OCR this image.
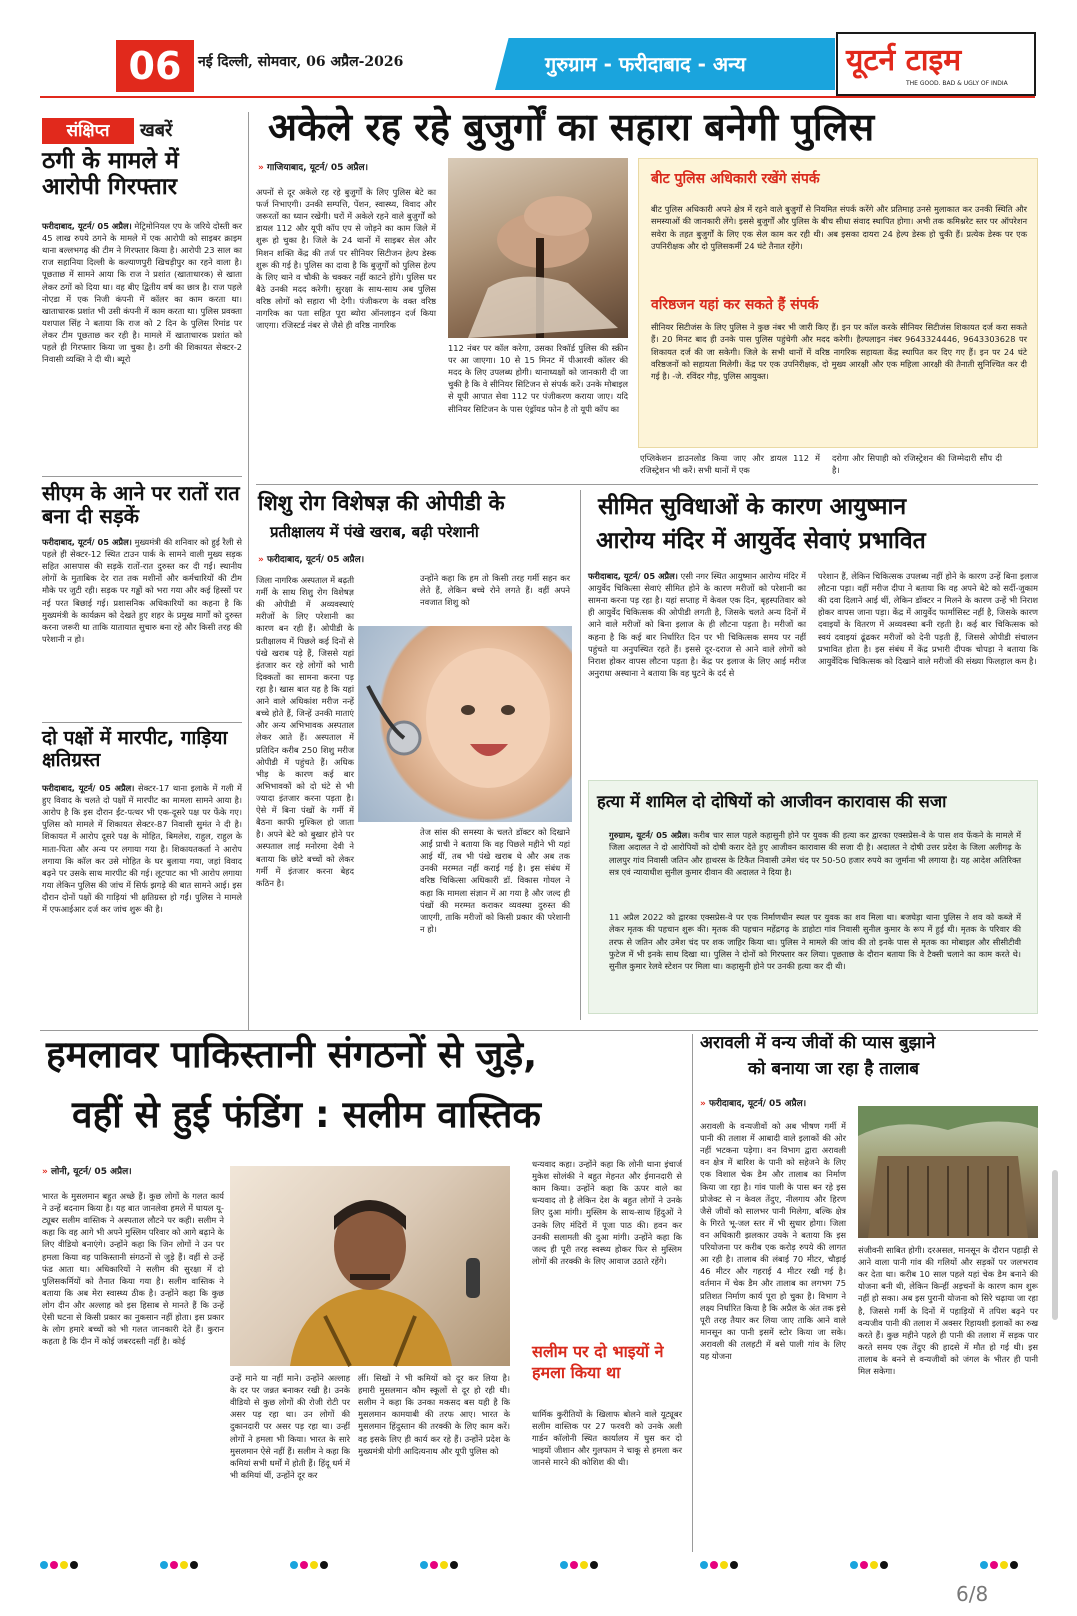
06	नई दिल्ली, सोमवार, 06 अप्रैल-2026	गुरुग्राम - फरीदाबाद - अन्य	यूटर्न टाइम
THE GOOD. BAD & UGLY OF INDIA
संक्षिप्त	खबरें
ठगी के मामले में आरोपी गिरफ्तार
फरीदाबाद, यूटर्न/ 05 अप्रैल। मेट्रिमोनियल एप के जरिये दोस्ती कर 45 लाख रुपये ठगने के मामले में एक आरोपी को साइबर क्राइम थाना बल्लभगढ़ की टीम ने गिरफ्तार किया है। आरोपी 23 साल का राज सहानिया दिल्ली के कल्याणपुरी खिचड़ीपुर का रहने वाला है। पूछताछ में सामने आया कि राज ने प्रशांत (खाताधारक) से खाता लेकर ठगों को दिया था। वह बीए द्वितीय वर्ष का छात्र है। राज पहले नोएडा में एक निजी कंपनी में कॉलर का काम करता था। खाताधारक प्रशांत भी उसी कंपनी में काम करता था। पुलिस प्रवक्ता यशपाल सिंह ने बताया कि राज को 2 दिन के पुलिस रिमांड पर लेकर टीम पूछताछ कर रही है। मामले में खाताधारक प्रशांत को पहले ही गिरफ्तार किया जा चुका है। ठगी की शिकायत सेक्टर-2 निवासी व्यक्ति ने दी थी। ब्यूरो
सीएम के आने पर रातों रात बना दी सड़कें
फरीदाबाद, यूटर्न/ 05 अप्रैल। मुख्यमंत्री की शनिवार को हुई रैली से पहले ही सेक्टर-12 स्थित टाउन पार्क के सामने वाली मुख्य सड़क सहित आसपास की सड़कें रातों-रात दुरुस्त कर दी गईं। स्थानीय लोगों के मुताबिक देर रात तक मशीनों और कर्मचारियों की टीम मौके पर जुटी रही। सड़क पर गड्ढों को भरा गया और कई हिस्सों पर नई परत बिछाई गई। प्रशासनिक अधिकारियों का कहना है कि मुख्यमंत्री के कार्यक्रम को देखते हुए शहर के प्रमुख मार्गों को दुरुस्त करना जरूरी था ताकि यातायात सुचारु बना रहे और किसी तरह की परेशानी न हो।
दो पक्षों में मारपीट, गाड़िया क्षतिग्रस्त
फरीदाबाद, यूटर्न/ 05 अप्रैल। सेक्टर-17 थाना इलाके में गली में हुए विवाद के चलते दो पक्षों में मारपीट का मामला सामने आया है। आरोप है कि इस दौरान ईंट-पत्थर भी एक-दूसरे पक्ष पर फेंके गए। पुलिस को मामले में शिकायत सेक्टर-87 निवासी सुमंत ने दी है। शिकायत में आरोप दूसरे पक्ष के मोहित, बिमलेश, राहुल, राहुल के माता-पिता और अन्य पर लगाया गया है। शिकायतकर्ता ने आरोप लगाया कि कॉल कर उसे मोहित के घर बुलाया गया, जहां विवाद बढ़ने पर उसके साथ मारपीट की गई। लूटपाट का भी आरोप लगाया गया लेकिन पुलिस की जांच में सिर्फ झगड़े की बात सामने आई। इस दौरान दोनों पक्षों की गाड़ियां भी क्षतिग्रस्त हो गईं। पुलिस ने मामले में एफआईआर दर्ज कर जांच शुरू की है।
अकेले रह रहे बुजुर्गों का सहारा बनेगी पुलिस
» गाजियाबाद, यूटर्न/ 05 अप्रैल।
अपनों से दूर अकेले रह रहे बुजुर्गों के लिए पुलिस बेटे का फर्ज निभाएगी। उनकी सम्पत्ति, पेंशन, स्वास्थ्य, विवाद और जरूरतों का ध्यान रखेगी। घरों में अकेले रहने वाले बुजुर्गों को डायल 112 और यूपी कॉप एप से जोड़ने का काम जिले में शुरू हो चुका है। जिले के 24 थानों में साइबर सेल और मिशन शक्ति केंद्र की तर्ज पर सीनियर सिटीजन हेल्प डेस्क शुरू की गई है। पुलिस का दावा है कि बुजुर्गों को पुलिस हेल्प के लिए थाने व चौकी के चक्कर नहीं काटने होंगे। पुलिस घर बैठे उनकी मदद करेगी। सुरक्षा के साथ-साथ अब पुलिस वरिष्ठ लोगों को सहारा भी देगी। पंजीकरण के वक्त वरिष्ठ नागरिक का पता सहित पूरा ब्योरा ऑनलाइन दर्ज किया जाएगा। रजिस्टर्ड नंबर से जैसे ही वरिष्ठ नागरिक
112 नंबर पर कॉल करेगा, उसका रिकॉर्ड पुलिस की स्क्रीन पर आ जाएगा। 10 से 15 मिनट में पीआरवी कॉलर की मदद के लिए उपलब्ध होगी। थानाध्यक्षों को जानकारी दी जा चुकी है कि वे सीनियर सिटिजन से संपर्क करें। उनके मोबाइल से यूपी आपात सेवा 112 पर पंजीकरण कराया जाए। यदि सीनियर सिटिजन के पास एंड्रॉयड फोन है तो यूपी कॉप का
बीट पुलिस अधिकारी रखेंगे संपर्क
बीट पुलिस अधिकारी अपने क्षेत्र में रहने वाले बुजुर्गों से नियमित संपर्क करेंगे और प्रतिमाह उनसे मुलाकात कर उनकी स्थिति और समस्याओं की जानकारी लेंगे। इससे बुजुर्गों और पुलिस के बीच सीधा संवाद स्थापित होगा। अभी तक कमिश्नरेट स्तर पर ऑपरेशन सवेरा के तहत बुजुर्गों के लिए एक सेल काम कर रही थी। अब इसका दायरा 24 हेल्प डेस्क हो चुकी हैं। प्रत्येक डेस्क पर एक उपनिरीक्षक और दो पुलिसकर्मी 24 घंटे तैनात रहेंगे।
वरिष्ठजन यहां कर सकते हैं संपर्क
सीनियर सिटीजंस के लिए पुलिस ने कुछ नंबर भी जारी किए हैं। इन पर कॉल करके सीनियर सिटीजंस शिकायत दर्ज करा सकते हैं। 20 मिनट बाद ही उनके पास पुलिस पहुंचेगी और मदद करेगी। हैल्पलाइन नंबर 9643324446, 9643303628 पर शिकायत दर्ज की जा सकेगी। जिले के सभी थानों में वरिष्ठ नागरिक सहायता केंद्र स्थापित कर दिए गए हैं। इन पर 24 घंटे वरिष्ठजनों को सहायता मिलेगी। केंद्र पर एक उपनिरीक्षक, दो मुख्य आरक्षी और एक महिला आरक्षी की तैनाती सुनिश्चित कर दी गई है। -जे. रविंदर गौड़, पुलिस आयुक्त।
एप्लिकेशन डाउनलोड किया जाए और डायल 112 में रजिस्ट्रेशन भी करें। सभी थानों में एक
दरोगा और सिपाही को रजिस्ट्रेशन की जिम्मेदारी सौंप दी है।
शिशु रोग विशेषज्ञ की ओपीडी के
प्रतीक्षालय में पंखे खराब, बढ़ी परेशानी
» फरीदाबाद, यूटर्न/ 05 अप्रैल।
जिला नागरिक अस्पताल में बढ़ती गर्मी के साथ शिशु रोग विशेषज्ञ की ओपीडी में अव्यवस्थाएं मरीजों के लिए परेशानी का कारण बन रही हैं। ओपीडी के प्रतीक्षालय में पिछले कई दिनों से पंखे खराब पड़े हैं, जिससे यहां इंतजार कर रहे लोगों को भारी दिक्कतों का सामना करना पड़ रहा है। खास बात यह है कि यहां आने वाले अधिकांश मरीज नन्हें बच्चे होते हैं, जिन्हें उनकी माताएं और अन्य अभिभावक अस्पताल लेकर आते हैं। अस्पताल में प्रतिदिन करीब 250 शिशु मरीज ओपीडी में पहुंचते हैं। अधिक भीड़ के कारण कई बार अभिभावकों को दो घंटे से भी ज्यादा इंतजार करना पड़ता है। ऐसे में बिना पंखों के गर्मी में बैठना काफी मुश्किल हो जाता है। अपने बेटे को बुखार होने पर अस्पताल लाई मनोरमा देवी ने बताया कि छोटे बच्चों को लेकर गर्मी में इंतजार करना बेहद कठिन है।
उन्होंने कहा कि हम तो किसी तरह गर्मी सहन कर लेते हैं, लेकिन बच्चे रोने लगते हैं। वहीं अपने नवजात शिशु को
तेज सांस की समस्या के चलते डॉक्टर को दिखाने आईं प्राची ने बताया कि वह पिछले महीने भी यहां आई थीं, तब भी पंखे खराब थे और अब तक उनकी मरम्मत नहीं कराई गई है। इस संबंध में वरिष्ठ चिकित्सा अधिकारी डॉ. विकास गोयल ने कहा कि मामला संज्ञान में आ गया है और जल्द ही पंखों की मरम्मत कराकर व्यवस्था दुरुस्त की जाएगी, ताकि मरीजों को किसी प्रकार की परेशानी न हो।
सीमित सुविधाओं के कारण आयुष्मान
आरोग्य मंदिर में आयुर्वेद सेवाएं प्रभावित
फरीदाबाद, यूटर्न/ 05 अप्रैल। एसी नगर स्थित आयुष्मान आरोग्य मंदिर में आयुर्वेद चिकित्सा सेवाएं सीमित होने के कारण मरीजों को परेशानी का सामना करना पड़ रहा है। यहां सप्ताह में केवल एक दिन, बृहस्पतिवार को ही आयुर्वेद चिकित्सक की ओपीडी लगती है, जिसके चलते अन्य दिनों में आने वाले मरीजों को बिना इलाज के ही लौटना पड़ता है। मरीजों का कहना है कि कई बार निर्धारित दिन पर भी चिकित्सक समय पर नहीं पहुंचते या अनुपस्थित रहते हैं। इससे दूर-दराज से आने वाले लोगों को निराश होकर वापस लौटना पड़ता है। केंद्र पर इलाज के लिए आई मरीज अनुराधा अस्थाना ने बताया कि वह घुटने के दर्द से
परेशान हैं, लेकिन चिकित्सक उपलब्ध नहीं होने के कारण उन्हें बिना इलाज लौटना पड़ा। वहीं मरीज दीपा ने बताया कि वह अपने बेटे को सर्दी-जुकाम की दवा दिलाने आई थीं, लेकिन डॉक्टर न मिलने के कारण उन्हें भी निराश होकर वापस जाना पड़ा। केंद्र में आयुर्वेद फार्मासिस्ट नहीं है, जिसके कारण दवाइयों के वितरण में अव्यवस्था बनी रहती है। कई बार चिकित्सक को स्वयं दवाइयां ढूंढकर मरीजों को देनी पड़ती हैं, जिससे ओपीडी संचालन प्रभावित होता है। इस संबंध में केंद्र प्रभारी दीपक चोपड़ा ने बताया कि आयुर्वेदिक चिकित्सक को दिखाने वाले मरीजों की संख्या फिलहाल कम है।
हत्या में शामिल दो दोषियों को आजीवन कारावास की सजा
गुरुग्राम, यूटर्न/ 05 अप्रैल। करीब चार साल पहले कहासुनी होने पर युवक की हत्या कर द्वारका एक्सप्रेस-वे के पास शव फेंकने के मामले में जिला अदालत ने दो आरोपियों को दोषी करार देते हुए आजीवन कारावास की सजा दी है। अदालत ने दोषी उत्तर प्रदेश के जिला अलीगढ़ के लालपुर गांव निवासी जतिन और हाथरस के टिकैत निवासी उमेश चंद पर 50-50 हजार रुपये का जुर्माना भी लगाया है। यह आदेश अतिरिक्त सत्र एवं न्यायाधीश सुनील कुमार दीवान की अदालत ने दिया है।
11 अप्रैल 2022 को द्वारका एक्सप्रेस-वे पर एक निर्माणधीन स्थल पर युवक का शव मिला था। बजघेड़ा थाना पुलिस ने शव को कब्जे में लेकर मृतक की पहचान शुरू की। मृतक की पहचान महेंद्रगढ़ के डाहोटा गांव निवासी सुनील कुमार के रूप में हुई थी। मृतक के परिवार की तरफ से जतिन और उमेश चंद पर शक जाहिर किया था। पुलिस ने मामले की जांच की तो इनके पास से मृतक का मोबाइल और सीसीटीवी फुटेज में भी इनके साथ दिखा था। पुलिस ने दोनों को गिरफ्तार कर लिया। पूछताछ के दौरान बताया कि वे टैक्सी चलाने का काम करते थे। सुनील कुमार रेलवे स्टेशन पर मिला था। कहासुनी होने पर उनकी हत्या कर दी थी।
हमलावर पाकिस्तानी संगठनों से जुड़े,
वहीं से हुई फंडिंग : सलीम वास्तिक
» लोनी, यूटर्न/ 05 अप्रैल।
भारत के मुसलमान बहुत अच्छे हैं। कुछ लोगों के गलत कार्य ने उन्हें बदनाम किया है। यह बात जानलेवा हमले में घायल यू-ट्यूबर सलीम वास्तिक ने अस्पताल लौटने पर कही। सलीम ने कहा कि वह आगे भी अपने मुस्लिम परिवार को आगे बढ़ाने के लिए वीडियो बनाएंगे। उन्होंने कहा कि जिन लोगों ने उन पर हमला किया वह पाकिस्तानी संगठनों से जुड़े हैं। वहीं से उन्हें फंड आता था। अधिकारियों ने सलीम की सुरक्षा में दो पुलिसकर्मियों को तैनात किया गया है। सलीम वास्तिक ने बताया कि अब मेरा स्वास्थ्य ठीक है। उन्होंने कहा कि कुछ लोग दीन और अल्लाह को इस हिसाब से मानते हैं कि उन्हें ऐसी घटना से किसी प्रकार का नुकसान नहीं होता। इस प्रकार के लोग हमारे बच्चों को भी गलत जानकारी देते हैं। कुरान कहता है कि दीन में कोई जबरदस्ती नहीं है। कोई
उन्हें माने या नहीं माने। उन्होंने अल्लाह के दर पर जन्नत बनाकर रखी है। उनके वीडियो से कुछ लोगों की रोजी रोटी पर असर पड़ रहा था। उन लोगों की दुकानदारी पर असर पड़ रहा था। उन्हीं लोगों ने हमला भी किया। भारत के सारे मुसलमान ऐसे नहीं हैं। सलीम ने कहा कि कमियां सभी धर्मों में होती हैं। हिंदू धर्म में भी कमियां थीं, उन्होंने दूर कर
लीं। सिखों ने भी कमियों को दूर कर लिया है। हमारी मुसलमान कौम स्कूलों से दूर हो रही थी। सलीम ने कहा कि उनका मकसद बस यही है कि मुसलमान कामयाबी की तरफ आए। भारत के मुसलमान हिंदुस्तान की तरक्की के लिए काम करें। वह इसके लिए ही कार्य कर रहे हैं। उन्होंने प्रदेश के मुख्यमंत्री योगी आदित्यनाथ और यूपी पुलिस को
धन्यवाद कहा। उन्होंने कहा कि लोनी थाना इंचार्ज मुकेश सोलंकी ने बहुत मेहनत और ईमानदारी से काम किया। उन्होंने कहा कि ऊपर वाले का धन्यवाद तो है लेकिन देश के बहुत लोगों ने उनके लिए दुआ मांगी। मुस्लिम के साथ-साथ हिंदुओं ने उनके लिए मंदिरों में पूजा पाठ की। हवन कर उनकी सलामती की दुआ मांगी। उन्होंने कहा कि जल्द ही पूरी तरह स्वस्थ्य होकर फिर से मुस्लिम लोगों की तरक्की के लिए आवाज उठाते रहेंगे।
सलीम पर दो भाइयों ने हमला किया था
धार्मिक कुरीतियों के खिलाफ बोलने वाले यूट्यूबर सलीम वास्तिक पर 27 फरवरी को उनके अली गार्डन कॉलोनी स्थित कार्यालय में घुस कर दो भाइयों जीशान और गुलफाम ने चाकू से हमला कर जानसे मारने की कोशिश की थी।
अरावली में वन्य जीवों की प्यास बुझाने
को बनाया जा रहा है तालाब
» फरीदाबाद, यूटर्न/ 05 अप्रैल।
अरावली के वन्यजीवों को अब भीषण गर्मी में पानी की तलाश में आबादी वाले इलाकों की ओर नहीं भटकना पड़ेगा। वन विभाग द्वारा अरावली वन क्षेत्र में बारिश के पानी को सहेजने के लिए एक विशाल चेक डैम और तालाब का निर्माण किया जा रहा है। गांव पाली के पास बन रहे इस प्रोजेक्ट से न केवल तेंदुए, नीलगाय और हिरण जैसे जीवों को सालभर पानी मिलेगा, बल्कि क्षेत्र के गिरते भू-जल स्तर में भी सुधार होगा। जिला वन अधिकारी झलकार उयके ने बताया कि इस परियोजना पर करीब एक करोड़ रुपये की लागत आ रही है। तालाब की लंबाई 70 मीटर, चौड़ाई 46 मीटर और गहराई 4 मीटर रखी गई है। वर्तमान में चेक डैम और तालाब का लगभग 75 प्रतिशत निर्माण कार्य पूरा हो चुका है। विभाग ने लक्ष्य निर्धारित किया है कि अप्रैल के अंत तक इसे पूरी तरह तैयार कर लिया जाए ताकि आने वाले मानसून का पानी इसमें स्टोर किया जा सके। अरावली की तलहटी में बसे पाली गांव के लिए यह योजना
संजीवनी साबित होगी। दरअसल, मानसून के दौरान पहाड़ी से आने वाला पानी गांव की गलियों और सड़कों पर जलभराव कर देता था। करीब 10 साल पहले यहां चेक डैम बनाने की योजना बनी थी, लेकिन किन्हीं अड़चनों के कारण काम शुरू नहीं हो सका। अब इस पुरानी योजना को सिरे चढ़ाया जा रहा है, जिससे गर्मी के दिनों में पहाड़ियों में तपिश बढ़ने पर वन्यजीव पानी की तलाश में अक्सर रिहायशी इलाकों का रुख करते हैं। कुछ महीने पहले ही पानी की तलाश में सड़क पार करते समय एक तेंदुए की हादसे में मौत हो गई थी। इस तालाब के बनने से वन्यजीवों को जंगल के भीतर ही पानी मिल सकेगा।
6/8
